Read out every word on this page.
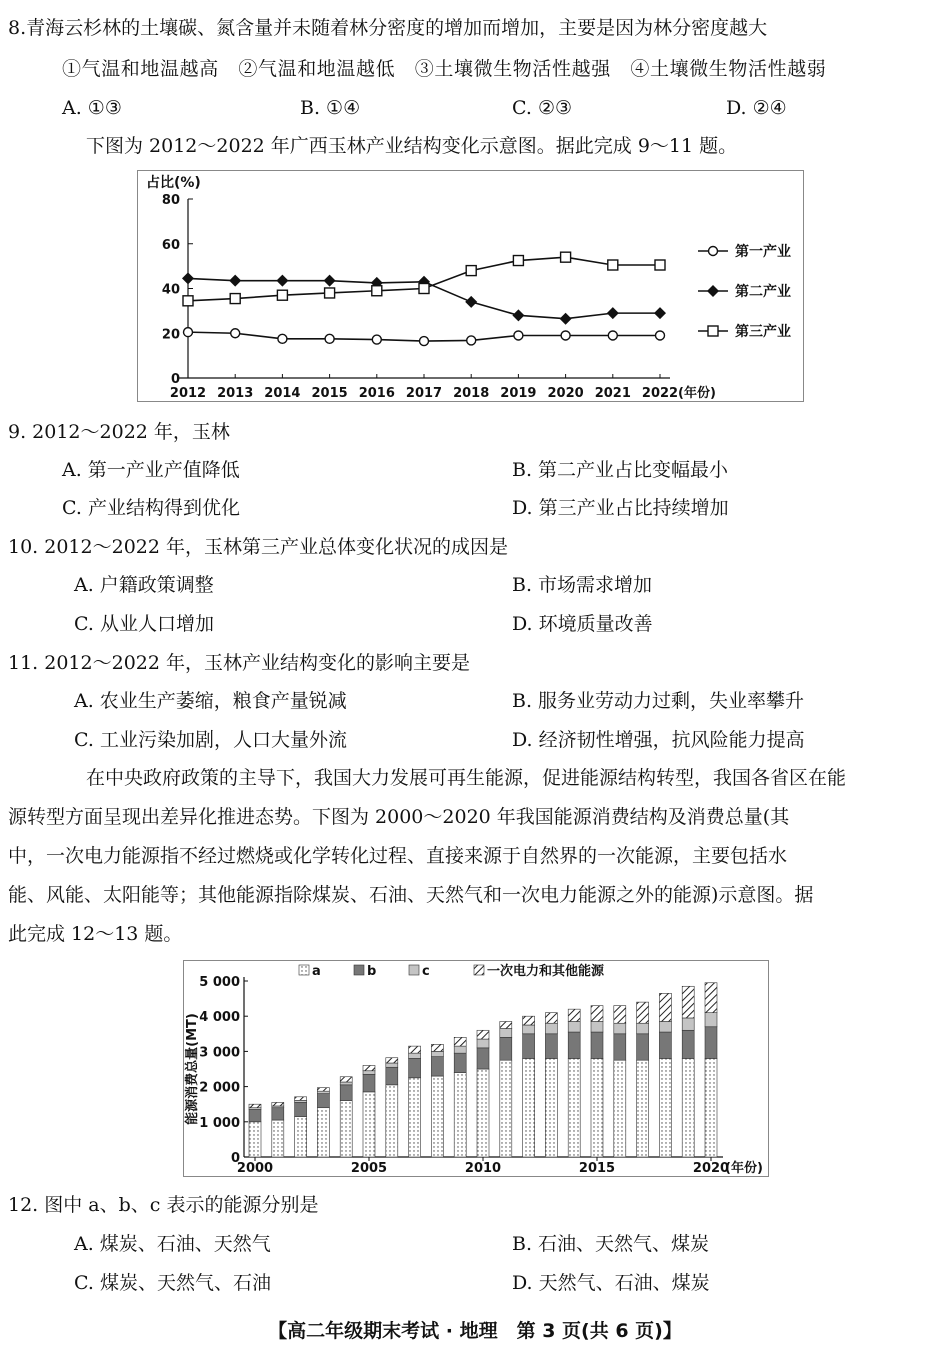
8.青海云杉林的土壤碳、氮含量并未随着林分密度的增加而增加，主要是因为林分密度越大
①气温和地温越高　②气温和地温越低　③土壤微生物活性越强　④土壤微生物活性越弱
A. ①③	B. ①④	C. ②③	D. ②④
下图为 2012～2022 年广西玉林产业结构变化示意图。据此完成 9～11 题。
占比(%)
0
20
40
60
80
2012 2013 2014 2015 2016 2017 2018 2019 2020 2021 2022 (年份)
第一产业
第二产业
第三产业
9. 2012～2022 年，玉林
A. 第一产业产值降低	B. 第二产业占比变幅最小
C. 产业结构得到优化	D. 第三产业占比持续增加
10. 2012～2022 年，玉林第三产业总体变化状况的成因是
A. 户籍政策调整	B. 市场需求增加
C. 从业人口增加	D. 环境质量改善
11. 2012～2022 年，玉林产业结构变化的影响主要是
A. 农业生产萎缩，粮食产量锐减	B. 服务业劳动力过剩，失业率攀升
C. 工业污染加剧，人口大量外流	D. 经济韧性增强，抗风险能力提高
在中央政府政策的主导下，我国大力发展可再生能源，促进能源结构转型，我国各省区在能
源转型方面呈现出差异化推进态势。下图为 2000～2020 年我国能源消费结构及消费总量(其
中，一次电力能源指不经过燃烧或化学转化过程、直接来源于自然界的一次能源，主要包括水
能、风能、太阳能等；其他能源指除煤炭、石油、天然气和一次电力能源之外的能源)示意图。据
此完成 12～13 题。
0
1 000
2 000
3 000
4 000
5 000
能源消费总量(MT)
2000	2005	2010	2015	2020
(年份)
a	b	c	一次电力和其他能源
12. 图中 a、b、c 表示的能源分别是
A. 煤炭、石油、天然气	B. 石油、天然气、煤炭
C. 煤炭、天然气、石油	D. 天然气、石油、煤炭
【高二年级期末考试 · 地理　第 3 页(共 6 页)】
